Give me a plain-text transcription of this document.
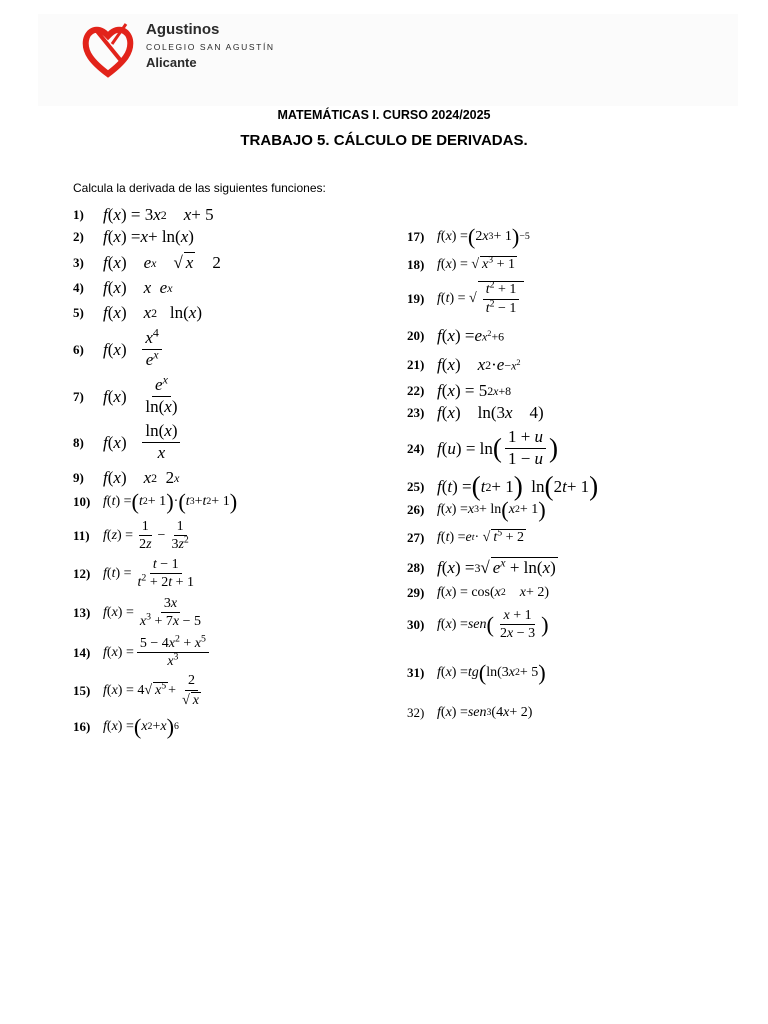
Agustinos
COLEGIO SAN AGUSTÍN
Alicante
MATEMÁTICAS I. CURSO 2024/2025
TRABAJO 5. CÁLCULO DE DERIVADAS.
Calcula la derivada de las siguientes funciones:
1)	f ( x ) = 3 x 2
x + 5
2)	f ( x ) = x + ln( x )
3)	f ( x ) e x √ x 2
4)	f ( x ) x
e x
5)	f ( x ) x 2 ln( x )
6)	f ( x )
$x^4$
$e^x$
7)	f ( x )
$e^x$
ln(x)
8)	f ( x )
ln(x)
x
9)	f ( x ) x 2 2 x
10) f ( t ) = ( t 2 + 1 ) · ( t 3 + t 2 + 1 )
11) f ( z ) =
1
2z
−
1
$3z^2$
12) f ( t ) =
t − 1
$t^2 + 2t + 1$
13) f ( x ) =
3x
$x^3 + 7x - 5$
14) f ( x ) =
$5 - 4x^2 + x^5$
$x^3$
15) f ( x ) = 4√ $x^5$ +
2
√ x
16) f ( x ) = ( x 2 + x ) 6
17) f ( x ) = ( 2 x 3 + 1 ) −5
18) f ( x ) = √ $x^3 + 1$
19) f ( t ) = √ $\frac{t^2 + 1}{t^2 - 1}$
20) f ( x ) = e $x^2+6$
21) f ( x ) x $2 \cdot e -x^2$
22) f ( x ) = 5 2x+8
23) f ( x )    ln(3 x 4)
24) f ( u ) = ln ( 1 + u
1 − u )
25) f ( t ) = ( t 2 + 1 ) ln ( 2 t + 1 )
26) f ( x ) = x 3 + ln ( x 2 + 1 )
27) f ( t ) = e t · √ $t^5 + 2$
28) f ( x ) = 3 √ $e^x + \ln(x)$
29) f ( x ) = cos( x 2
x + 2)
30) f ( x ) = sen ( x + 1
2x − 3 )
31) f ( x ) = tg ( ln(3 x 2 + 5 )
32) f ( x ) = sen 3 (4 x + 2)
